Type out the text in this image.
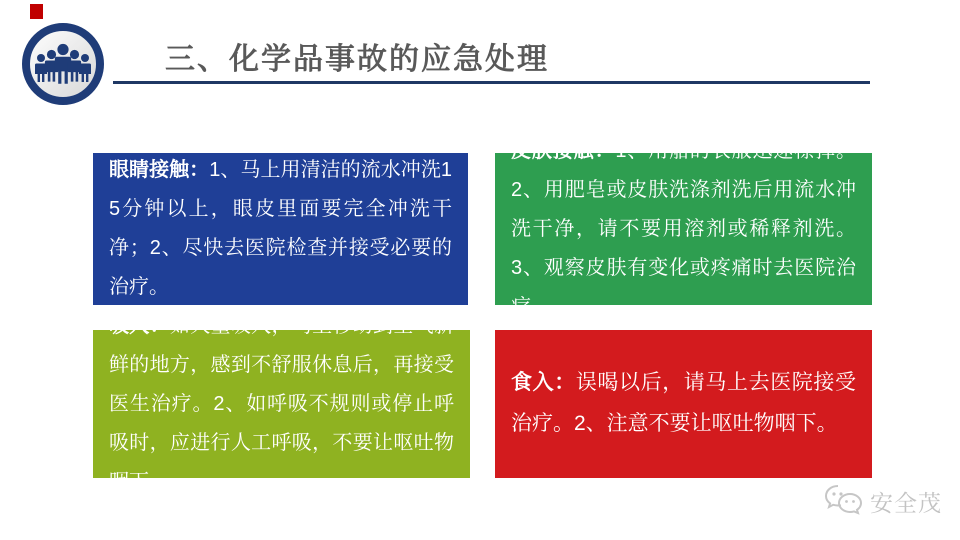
三、化学品事故的应急处理

眼睛接触：1、马上用清洁的流水冲洗15分钟以上，眼皮里面要完全冲洗干净；2、尽快去医院检查并接受必要的治疗。

皮肤接触：1、用船的衣服迅速檫掉。2、用肥皂或皮肤洗涤剂洗后用流水冲洗干净，请不要用溶剂或稀释剂洗。3、观察皮肤有变化或疼痛时去医院治疗。

吸入：如大量吸入，马上移动到空气新鲜的地方，感到不舒服休息后，再接受医生治疗。2、如呼吸不规则或停止呼吸时，应进行人工呼吸，不要让呕吐物咽下。

食入：误喝以后，请马上去医院接受治疗。2、注意不要让呕吐物咽下。

安全茂
